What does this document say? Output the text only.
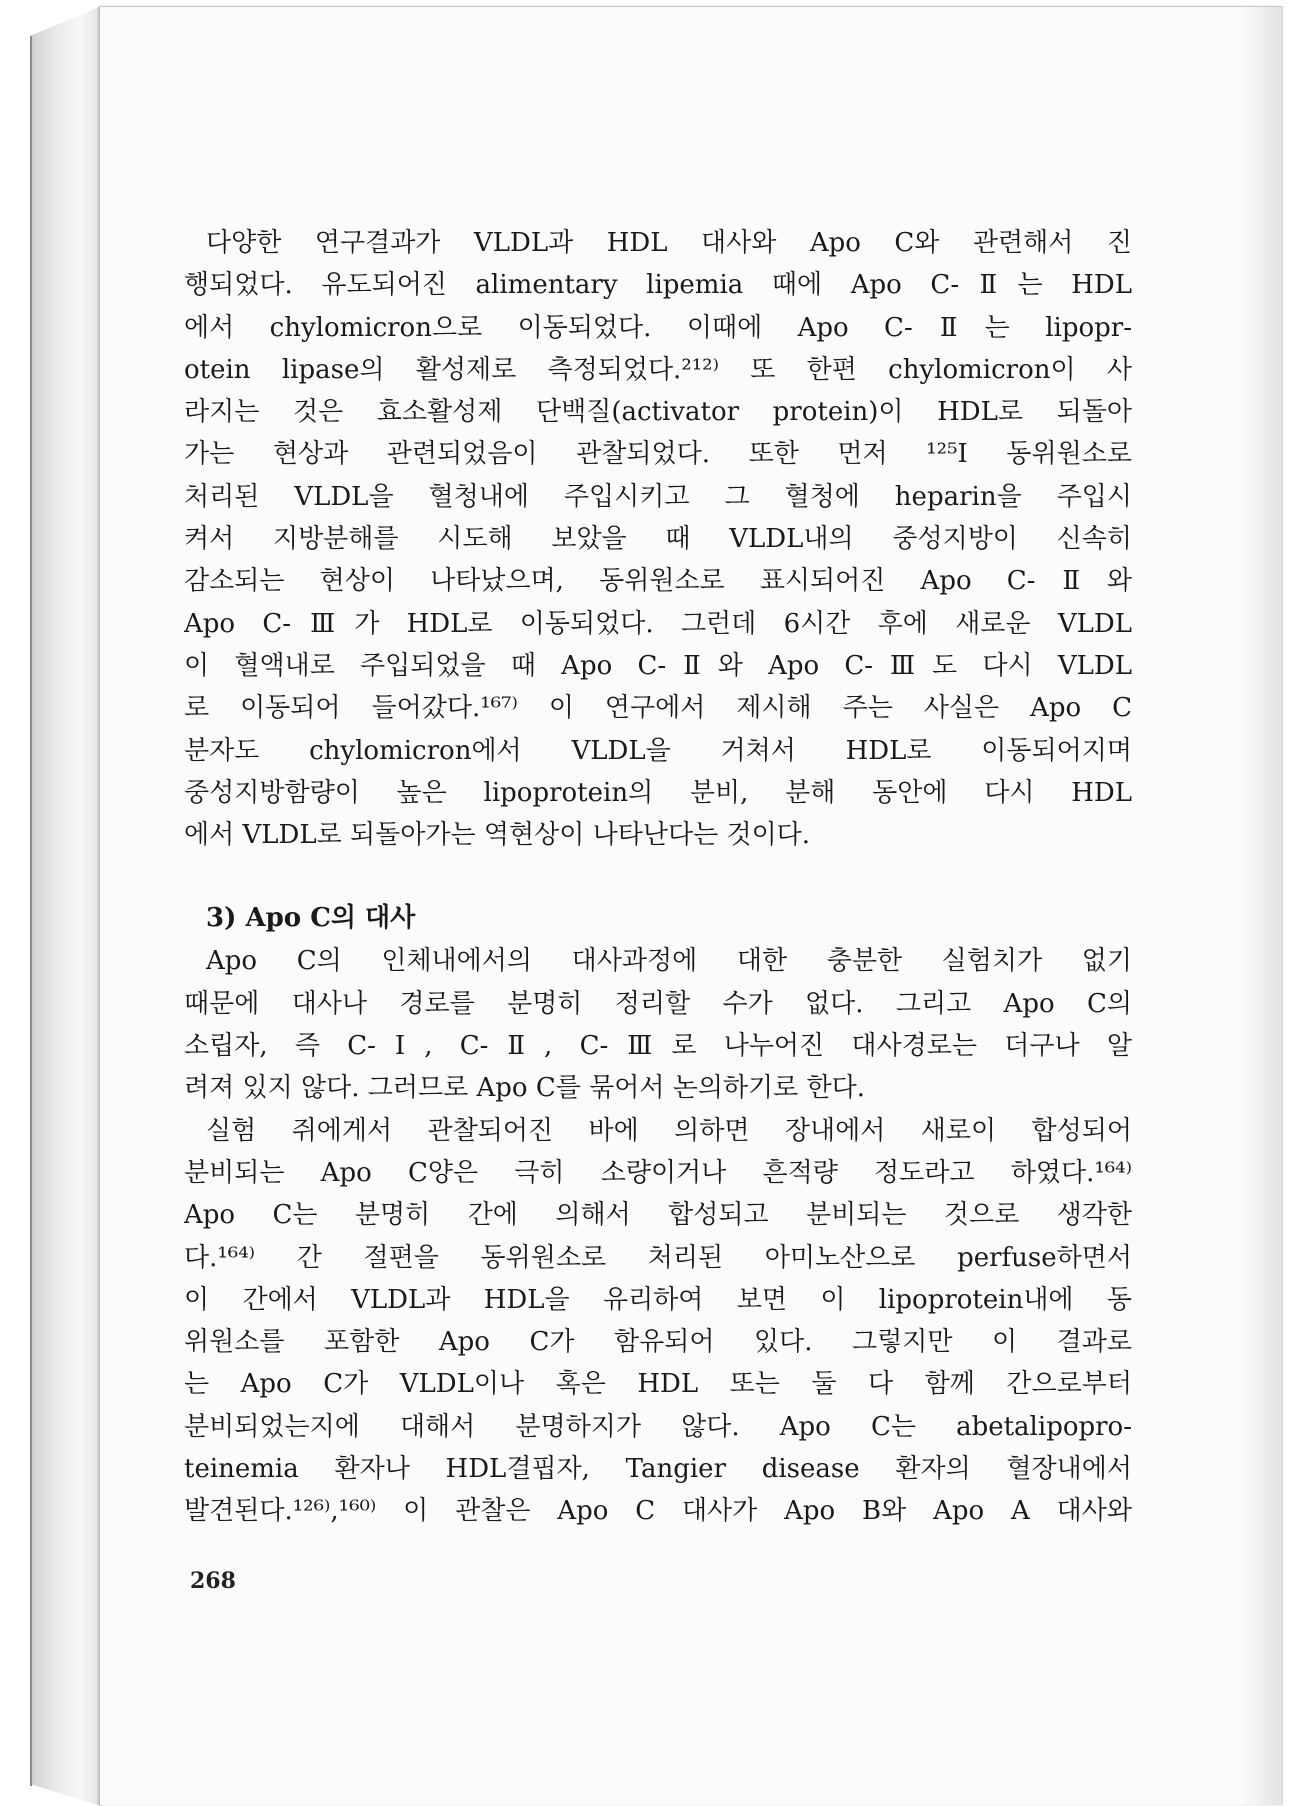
다양한 연구결과가 VLDL과 HDL 대사와 Apo C와 관련해서 진
행되었다. 유도되어진 alimentary lipemia 때에 Apo C-Ⅱ는 HDL
에서 chylomicron으로 이동되었다. 이때에 Apo C-Ⅱ는 lipopr-
otein lipase의 활성제로 측정되었다.²¹²⁾ 또 한편 chylomicron이 사
라지는 것은 효소활성제 단백질(activator protein)이 HDL로 되돌아
가는 현상과 관련되었음이 관찰되었다. 또한 먼저 ¹²⁵I 동위원소로
처리된 VLDL을 혈청내에 주입시키고 그 혈청에 heparin을 주입시
켜서 지방분해를 시도해 보았을 때 VLDL내의 중성지방이 신속히
감소되는 현상이 나타났으며, 동위원소로 표시되어진 Apo C-Ⅱ와
Apo C-Ⅲ가 HDL로 이동되었다. 그런데 6시간 후에 새로운 VLDL
이 혈액내로 주입되었을 때 Apo C-Ⅱ와 Apo C-Ⅲ도 다시 VLDL
로 이동되어 들어갔다.¹⁶⁷⁾ 이 연구에서 제시해 주는 사실은 Apo C
분자도 chylomicron에서 VLDL을 거쳐서 HDL로 이동되어지며
중성지방함량이 높은 lipoprotein의 분비, 분해 동안에 다시 HDL
에서 VLDL로 되돌아가는 역현상이 나타난다는 것이다.
3) Apo C의 대사
Apo C의 인체내에서의 대사과정에 대한 충분한 실험치가 없기
때문에 대사나 경로를 분명히 정리할 수가 없다. 그리고 Apo C의
소립자, 즉 C-Ⅰ, C-Ⅱ, C-Ⅲ로 나누어진 대사경로는 더구나 알
려져 있지 않다. 그러므로 Apo C를 묶어서 논의하기로 한다.
실험 쥐에게서 관찰되어진 바에 의하면 장내에서 새로이 합성되어
분비되는 Apo C양은 극히 소량이거나 흔적량 정도라고 하였다.¹⁶⁴⁾
Apo C는 분명히 간에 의해서 합성되고 분비되는 것으로 생각한
다.¹⁶⁴⁾ 간 절편을 동위원소로 처리된 아미노산으로 perfuse하면서
이 간에서 VLDL과 HDL을 유리하여 보면 이 lipoprotein내에 동
위원소를 포함한 Apo C가 함유되어 있다. 그렇지만 이 결과로
는 Apo C가 VLDL이나 혹은 HDL 또는 둘 다 함께 간으로부터
분비되었는지에 대해서 분명하지가 않다. Apo C는 abetalipopro-
teinemia 환자나 HDL결핍자, Tangier disease 환자의 혈장내에서
발견된다.¹²⁶⁾,¹⁶⁰⁾ 이 관찰은 Apo C 대사가 Apo B와 Apo A 대사와
268
